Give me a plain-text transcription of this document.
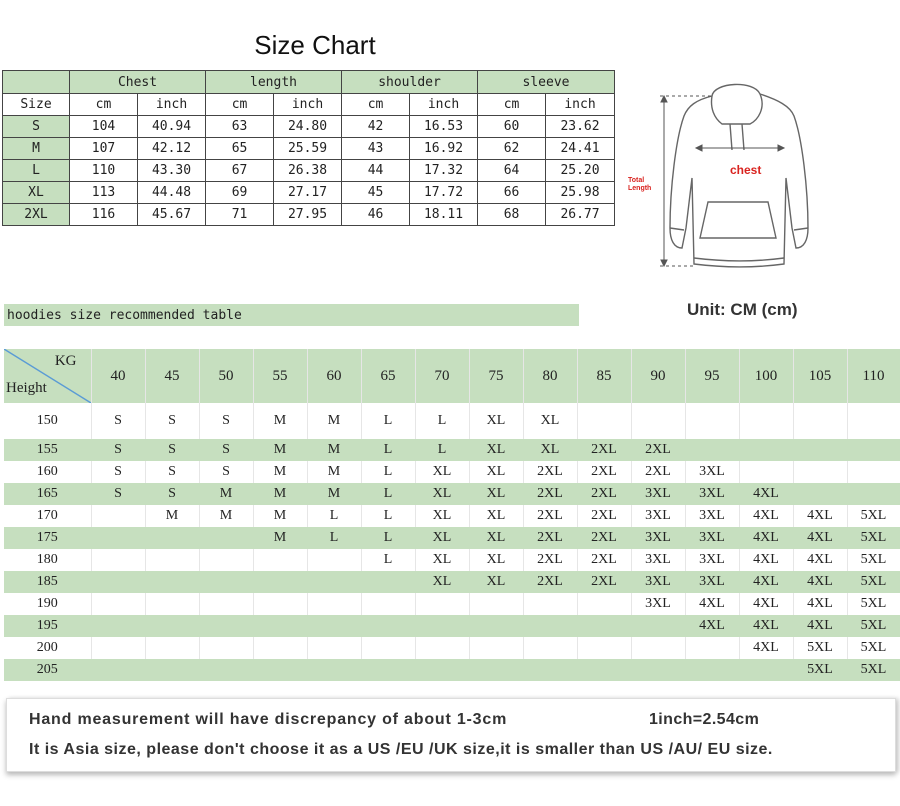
Size Chart
	Chest		length		shoulder		sleeve	
Size	cm	inch	cm	inch	cm	inch	cm	inch
S	104	40.94	63	24.80	42	16.53	60	23.62
M	107	42.12	65	25.59	43	16.92	62	24.41
L	110	43.30	67	26.38	44	17.32	64	25.20
XL	113	44.48	69	27.17	45	17.72	66	25.98
2XL	116	45.67	71	27.95	46	18.11	68	26.77
chest
Total
Length
Unit: CM (cm)
hoodies size recommended table
KG
Height	40	45	50	55	60	65	70	75	80	85	90	95	100	105	110
150	S	S	S	M	M	L	L	XL	XL						
155	S	S	S	M	M	L	L	XL	XL	2XL	2XL				
160	S	S	S	M	M	L	XL	XL	2XL	2XL	2XL	3XL			
165	S	S	M	M	M	L	XL	XL	2XL	2XL	3XL	3XL	4XL		
170		M	M	M	L	L	XL	XL	2XL	2XL	3XL	3XL	4XL	4XL	5XL
175				M	L	L	XL	XL	2XL	2XL	3XL	3XL	4XL	4XL	5XL
180						L	XL	XL	2XL	2XL	3XL	3XL	4XL	4XL	5XL
185							XL	XL	2XL	2XL	3XL	3XL	4XL	4XL	5XL
190											3XL	4XL	4XL	4XL	5XL
195												4XL	4XL	4XL	5XL
200													4XL	5XL	5XL
205														5XL	5XL
Hand measurement will have discrepancy of about 1-3cm	1inch=2.54cm
It is Asia size, please don't choose it as a US /EU /UK size,it is smaller than US /AU/ EU size.
